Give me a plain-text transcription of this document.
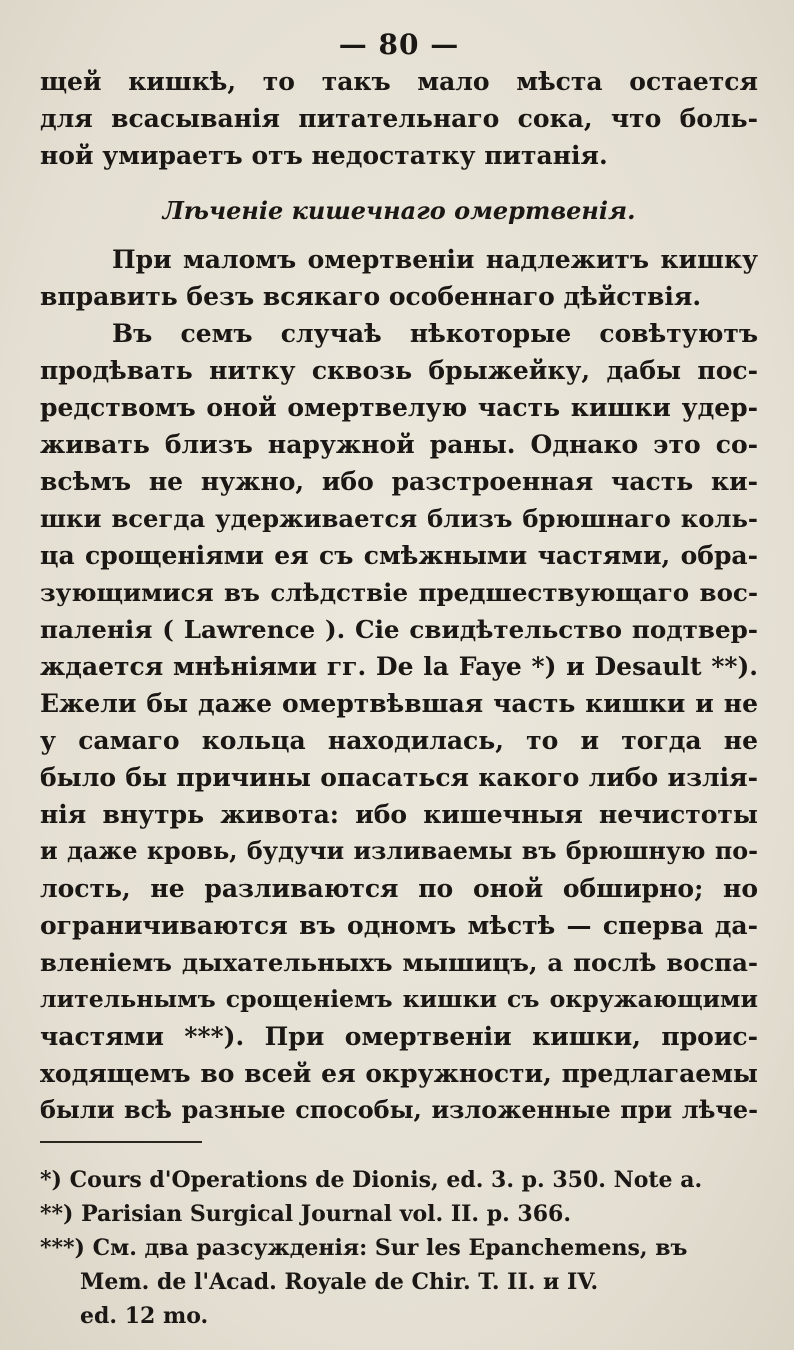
— 80 —
щей кишкѣ, то такъ мало мѣста остается
для всасыванія питательнаго сока, что боль-
ной умираетъ отъ недостатку питанія.
Лѣченіе кишечнаго омертвенія.
При маломъ омертвеніи надлежитъ кишку
вправить безъ всякаго особеннаго дѣйствія.
Въ семъ случаѣ нѣкоторые совѣтуютъ
продѣвать нитку сквозь брыжейку, дабы пос-
редствомъ оной омертвелую часть кишки удер-
живать близъ наружной раны. Однако это со-
всѣмъ не нужно, ибо разстроенная часть ки-
шки всегда удерживается близъ брюшнаго коль-
ца срощеніями ея съ смѣжными частями, обра-
зующимися въ слѣдствіе предшествующаго вос-
паленія ( Lawrence ). Сіе свидѣтельство подтвер-
ждается мнѣніями гг. De la Faye *) и Desault **).
Ежели бы даже омертвѣвшая часть кишки и не
у самаго кольца находилась, то и тогда не
было бы причины опасаться какого либо излія-
нія внутрь живота: ибо кишечныя нечистоты
и даже кровь, будучи изливаемы въ брюшную по-
лость, не разливаются по оной обширно; но
ограничиваются въ одномъ мѣстѣ — сперва да-
вленіемъ дыхательныхъ мышицъ, а послѣ воспа-
лительнымъ срощеніемъ кишки съ окружающими
частями ***). При омертвеніи кишки, проис-
ходящемъ во всей ея окружности, предлагаемы
были всѣ разные способы, изложенные при лѣче-
*) Cours d'Operations de Dionis, ed. 3. p. 350. Note a.
**) Parisian Surgical Journal vol. II. p. 366.
***) См. два разсужденія: Sur les Epanchemens, въ
Mem. de l'Acad. Royale de Chir. T. II. и IV.
ed. 12 mo.
